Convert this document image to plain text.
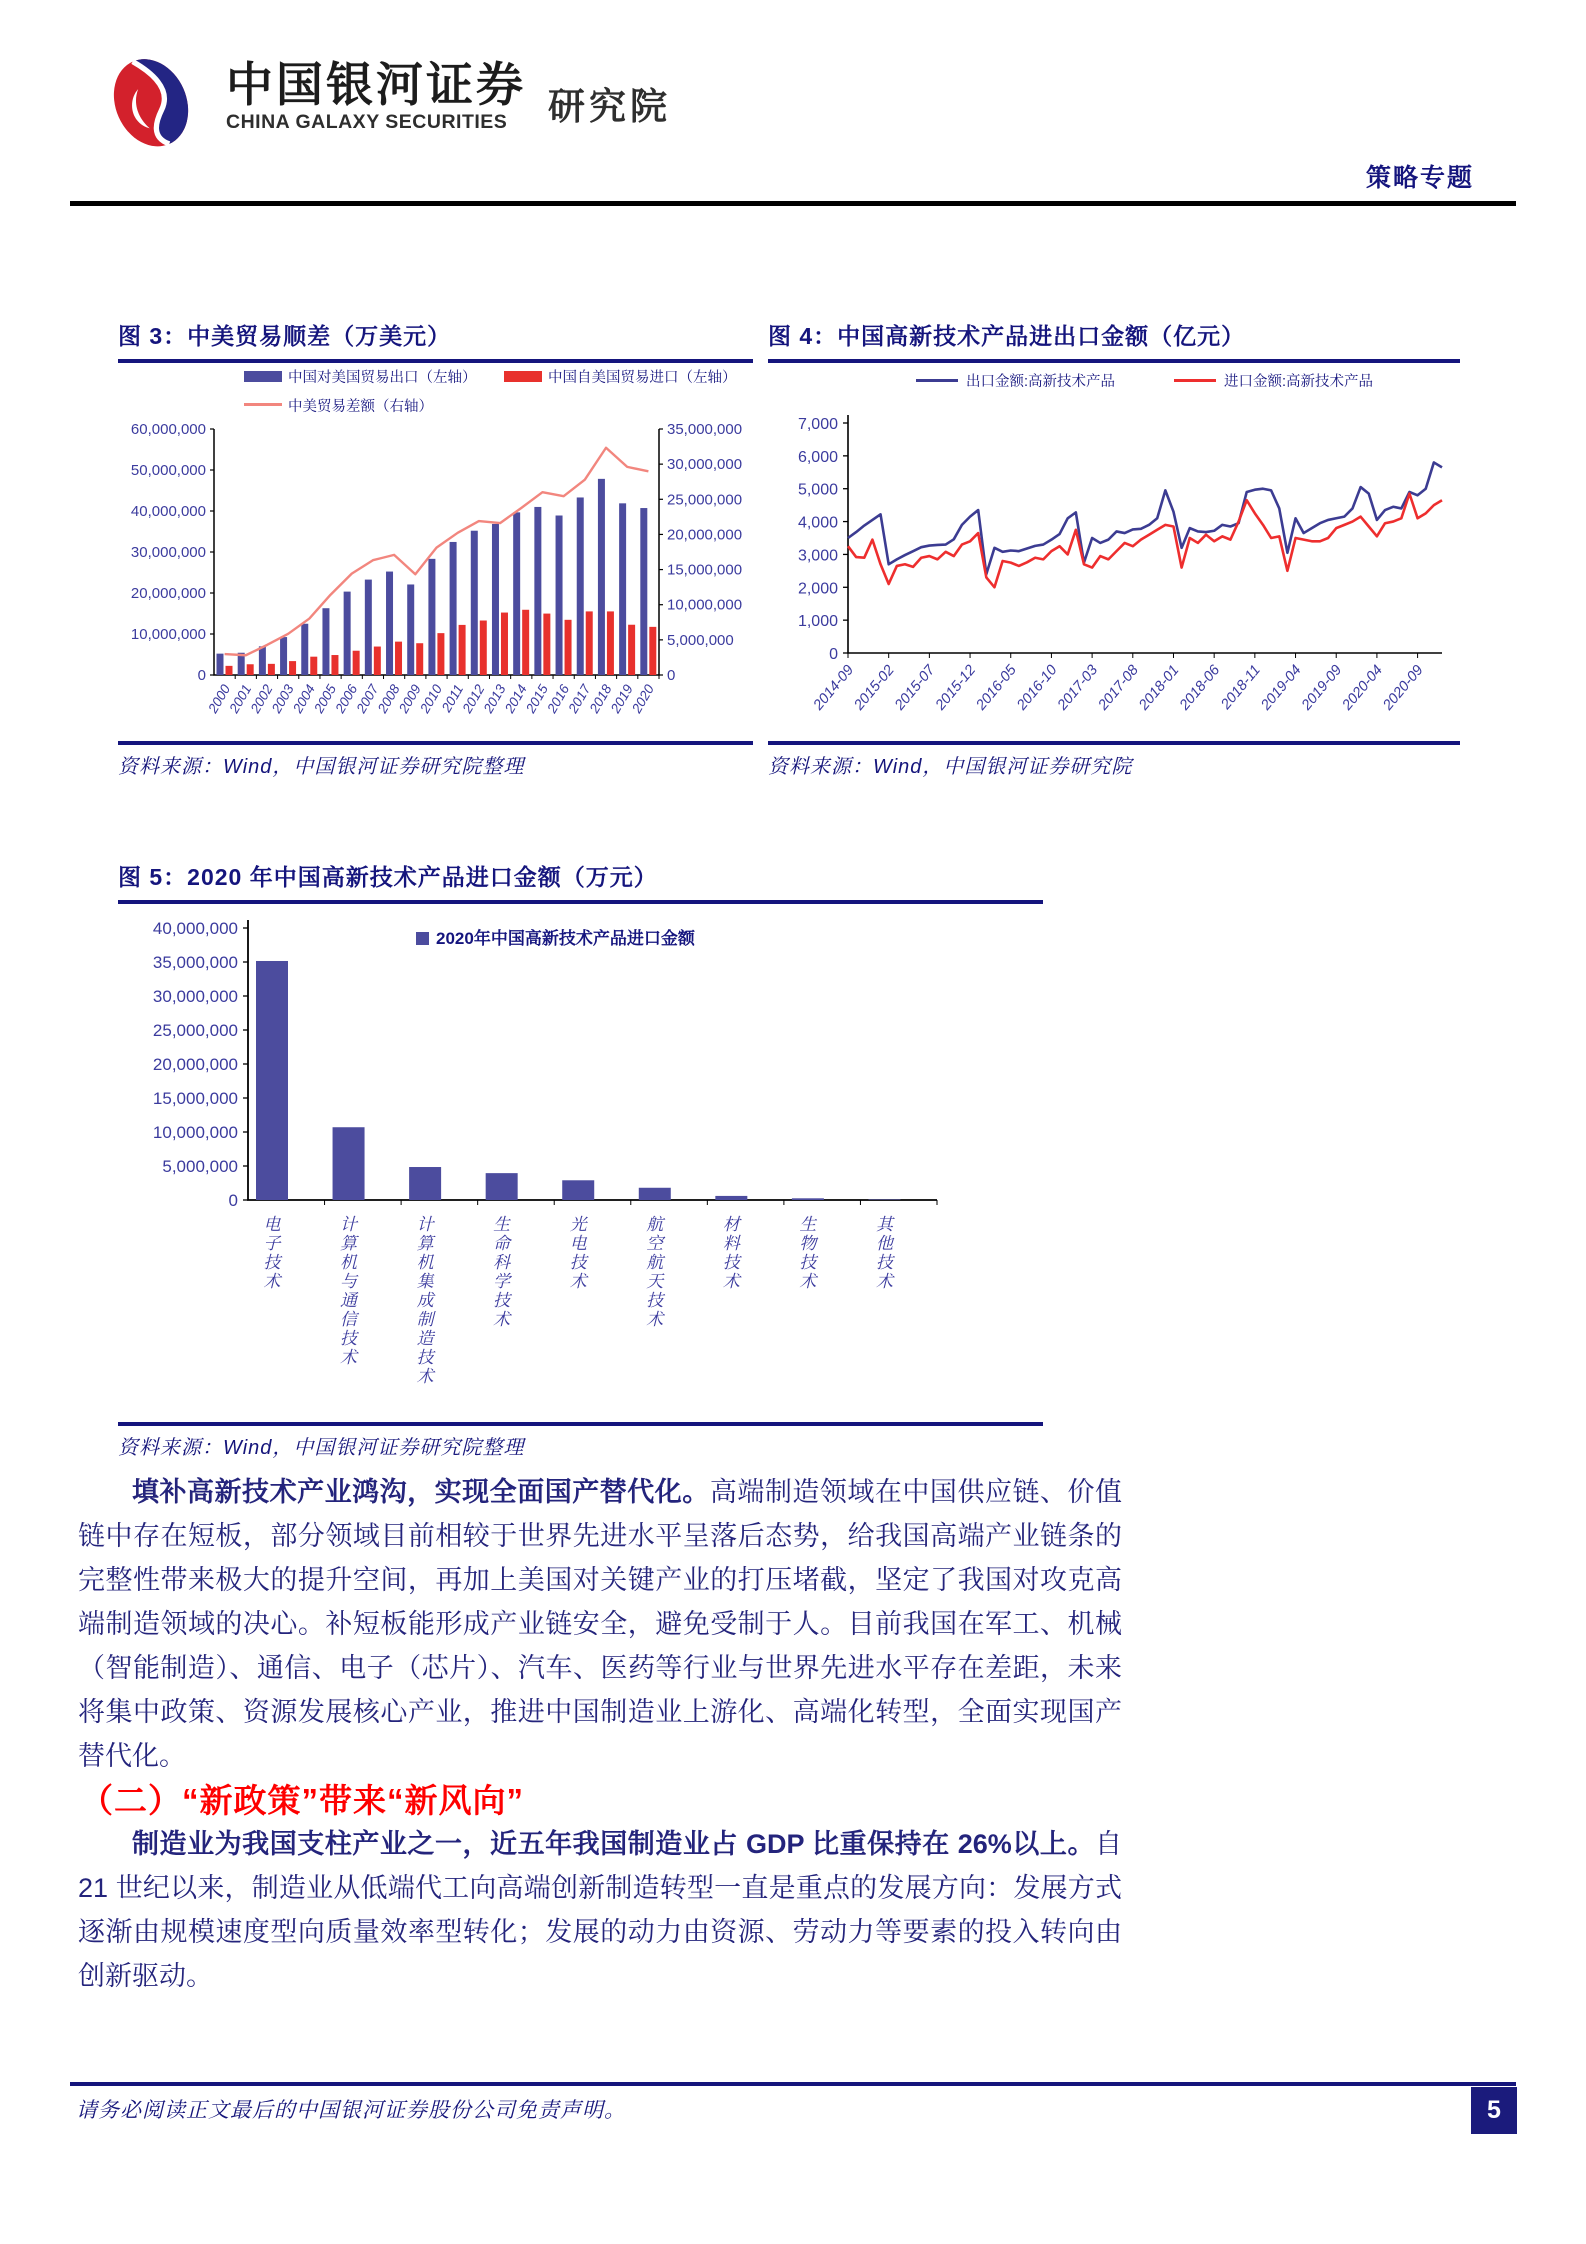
中国银河证券
CHINA GALAXY SECURITIES	研究院
策略专题
图 3：中美贸易顺差（万美元）
中国对美国贸易出口（左轴）	中国自美国贸易进口（左轴）
中美贸易差额（右轴）
0
10,000,000
20,000,000
30,000,000
40,000,000
50,000,000
60,000,000
0
5,000,000
10,000,000
15,000,000
20,000,000
25,000,000
30,000,000
35,000,000
2000
2001
2002
2003
2004
2005
2006
2007
2008
2009
2010
2011
2012
2013
2014
2015
2016
2017
2018
2019
2020
资料来源：Wind，中国银河证券研究院整理
图 4：中国高新技术产品进出口金额（亿元）
出口金额:高新技术产品	进口金额:高新技术产品
0
1,000
2,000
3,000
4,000
5,000
6,000
7,000
2014-09
2015-02
2015-07
2015-12
2016-05
2016-10
2017-03
2017-08
2018-01
2018-06
2018-11
2019-04
2019-09
2020-04
2020-09
资料来源：Wind，中国银河证券研究院
图 5：2020 年中国高新技术产品进口金额（万元）
0
5,000,000
10,000,000
15,000,000
20,000,000
25,000,000
30,000,000
35,000,000
40,000,000
2020年中国高新技术产品进口金额
电子技术
计算机与通信技术
计算机集成制造技术
生命科学技术
光电技术
航空航天技术
材料技术
生物技术
其他技术
资料来源：Wind，中国银河证券研究院整理

填补高新技术产业鸿沟，实现全面国产替代化。高端制造领域在中国供应链、价值链中存在短板，部分领域目前相较于世界先进水平呈落后态势，给我国高端产业链条的完整性带来极大的提升空间，再加上美国对关键产业的打压堵截，坚定了我国对攻克高端制造领域的决心。补短板能形成产业链安全，避免受制于人。目前我国在军工、机械（智能制造）、通信、电子（芯片）、汽车、医药等行业与世界先进水平存在差距，未来将集中政策、资源发展核心产业，推进中国制造业上游化、高端化转型，全面实现国产替代化。

（二）“新政策”带来“新风向”

制造业为我国支柱产业之一，近五年我国制造业占 GDP 比重保持在 26%以上。自 21 世纪以来，制造业从低端代工向高端创新制造转型一直是重点的发展方向：发展方式逐渐由规模速度型向质量效率型转化；发展的动力由资源、劳动力等要素的投入转向由创新驱动。

请务必阅读正文最后的中国银河证券股份公司免责声明。	5
